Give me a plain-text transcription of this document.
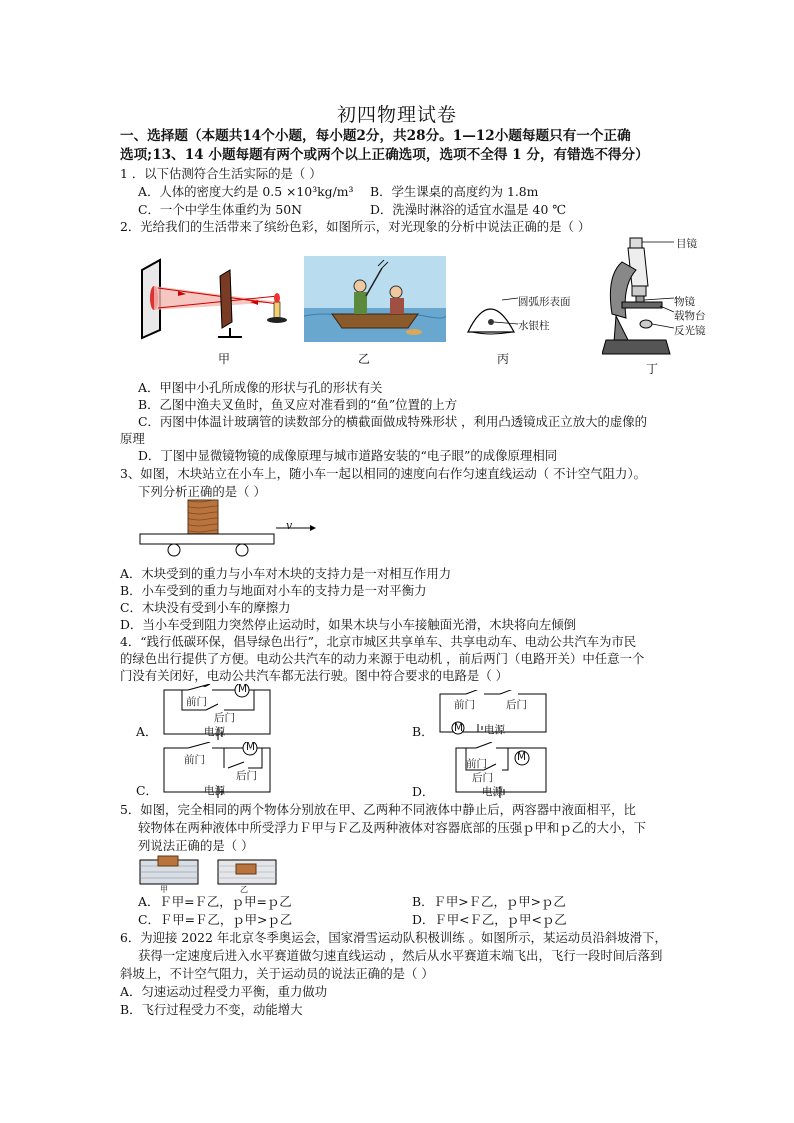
初四物理试卷
一、选择题（本题共14个小题，每小题2分，共28分。1—12小题每题只有一个正确
选项;13、14 小题每题有两个或两个以上正确选项，选项不全得 1 分，有错选不得分）
1 ．以下估测符合生活实际的是（ ）
A．人体的密度大约是 0.5 ×10³kg/m³ B．学生课桌的高度约为 1.8m
C．一个中学生体重约为 50N	D．洗澡时淋浴的适宜水温是 40 ℃
2．光给我们的生活带来了缤纷色彩，如图所示，对光现象的分析中说法正确的是（ ）
甲	乙
圆弧形表面
水银柱
丙
目镜
物镜
载物台
反光镜
丁
A．甲图中小孔所成像的形状与孔的形状有关
B．乙图中渔夫叉鱼时，鱼叉应对准看到的“鱼”位置的上方
C．丙图中体温计玻璃管的读数部分的横截面做成特殊形状 ，利用凸透镜成正立放大的虚像的
原理
D．丁图中显微镜物镜的成像原理与城市道路安装的“电子眼”的成像原理相同
3、如图，木块站立在小车上，随小车一起以相同的速度向右作匀速直线运动（ 不计空气阻力）。
下列分析正确的是（ ）
v
A．木块受到的重力与小车对木块的支持力是一对相互作用力
B．小车受到的重力与地面对小车的支持力是一对平衡力
C．木块没有受到小车的摩擦力
D．当小车受到阻力突然停止运动时，如果木块与小车接触面光滑，木块将向左倾倒
4．“践行低碳环保，倡导绿色出行”，北京市城区共享单车、共享电动车、电动公共汽车为市民
的绿色出行提供了方便。电动公共汽车的动力来源于电动机 ，前后两门（电路开关）中任意一个
门没有关闭好，电动公共汽车都无法行驶。图中符合要求的电路是（ ）
A．
M
前门
后门
电源	B．
前门	后门
M 电源
C．
M
前门
后门
电源	D．
M
前门
后门
电源
5．如图，完全相同的两个物体分别放在甲、乙两种不同液体中静止后，两容器中液面相平，比
较物体在两种液体中所受浮力Ｆ甲与Ｆ乙及两种液体对容器底部的压强ｐ甲和ｐ乙的大小，下
列说法正确的是（ ）
甲	乙
A．Ｆ甲=Ｆ乙，ｐ甲=ｐ乙	B．Ｆ甲>Ｆ乙，ｐ甲>ｐ乙
C．Ｆ甲=Ｆ乙，ｐ甲>ｐ乙	D．Ｆ甲<Ｆ乙，ｐ甲<ｐ乙
6．为迎接 2022 年北京冬季奥运会，国家滑雪运动队积极训练 。如图所示，某运动员沿斜坡滑下，
获得一定速度后进入水平赛道做匀速直线运动 ，然后从水平赛道末端飞出，飞行一段时间后落到
斜坡上，不计空气阻力，关于运动员的说法正确的是（ ）
A．匀速运动过程受力平衡，重力做功
B．飞行过程受力不变，动能增大
